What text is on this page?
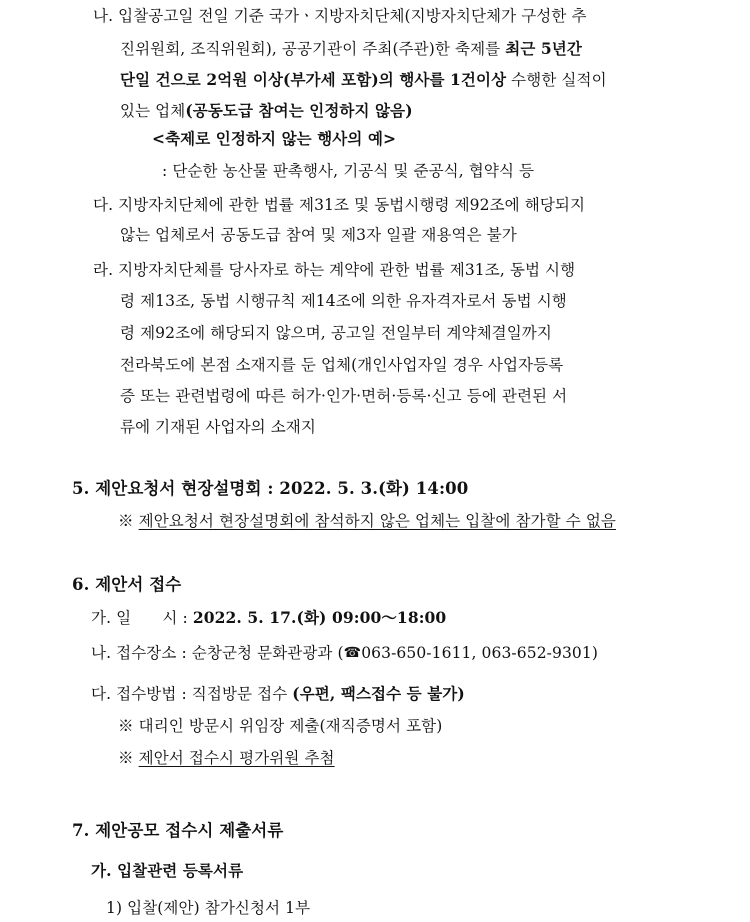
나. 입찰공고일 전일 기준 국가ㆍ지방자치단체(지방자치단체가 구성한 추
진위원회, 조직위원회), 공공기관이 주최(주관)한 축제를 최근 5년간
단일 건으로 2억원 이상(부가세 포함)의 행사를 1건이상 수행한 실적이
있는 업체(공동도급 참여는 인정하지 않음)
<축제로 인정하지 않는 행사의 예>
: 단순한 농산물 판촉행사, 기공식 및 준공식, 협약식 등
다. 지방자치단체에 관한 법률 제31조 및 동법시행령 제92조에 해당되지
않는 업체로서 공동도급 참여 및 제3자 일괄 재용역은 불가
라. 지방자치단체를 당사자로 하는 계약에 관한 법률 제31조, 동법 시행
령 제13조, 동법 시행규칙 제14조에 의한 유자격자로서 동법 시행
령 제92조에 해당되지 않으며, 공고일 전일부터 계약체결일까지
전라북도에 본점 소재지를 둔 업체(개인사업자일 경우 사업자등록
증 또는 관련법령에 따른 허가·인가·면허·등록·신고 등에 관련된 서
류에 기재된 사업자의 소재지
5. 제안요청서 현장설명회 : 2022. 5. 3.(화) 14:00
※ 제안요청서 현장설명회에 참석하지 않은 업체는 입찰에 참가할 수 없음
6. 제안서 접수
가. 일　　시 : 2022. 5. 17.(화) 09:00～18:00
나. 접수장소 : 순창군청 문화관광과 (☎063-650-1611, 063-652-9301)
다. 접수방법 : 직접방문 접수 (우편, 팩스접수 등 불가)
※ 대리인 방문시 위임장 제출(재직증명서 포함)
※ 제안서 접수시 평가위원 추첨
7. 제안공모 접수시 제출서류
가. 입찰관련 등록서류
1) 입찰(제안) 참가신청서 1부
